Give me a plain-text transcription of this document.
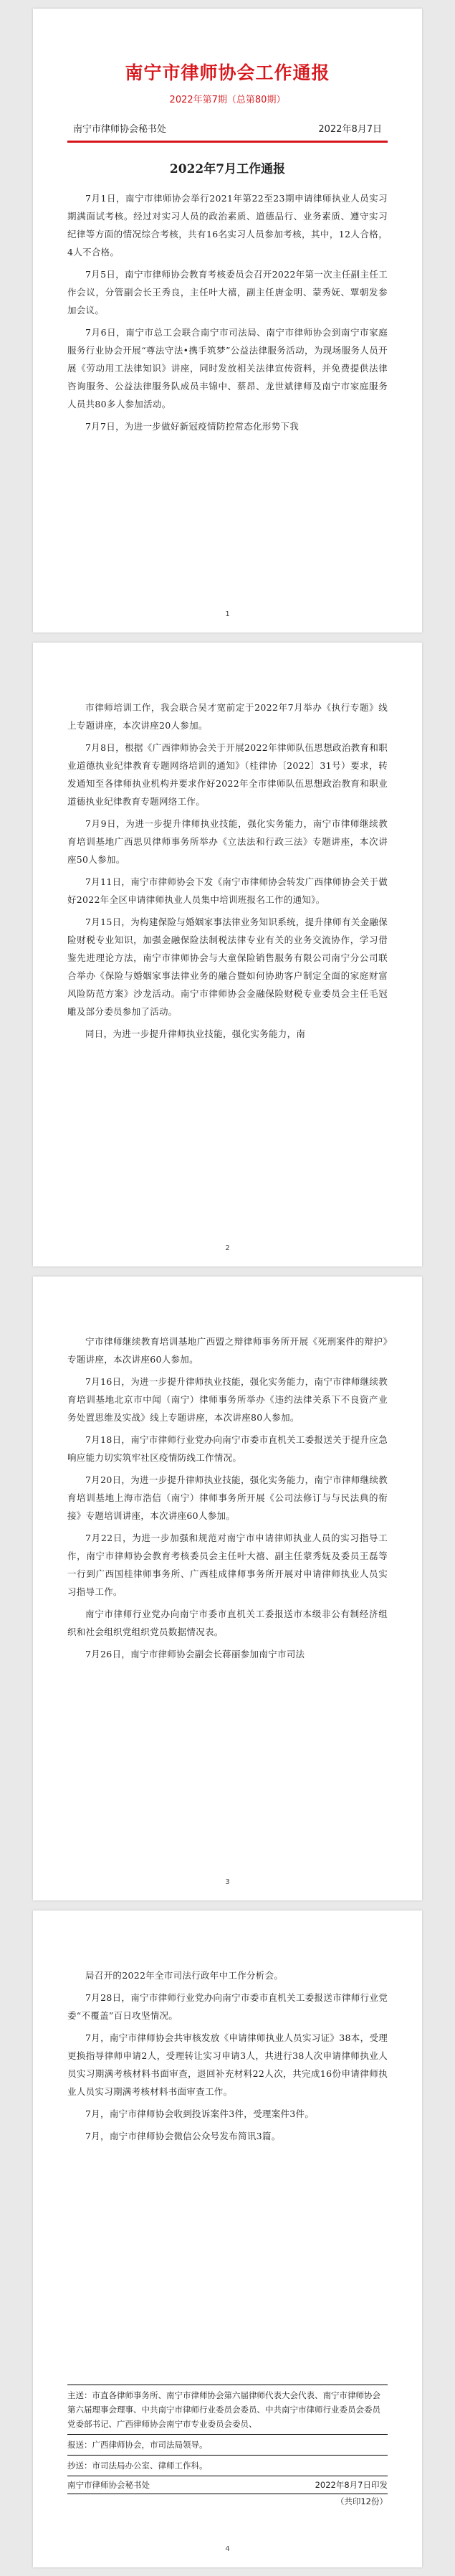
南宁市律师协会工作通报
2022年第7期（总第80期）
南宁市律师协会秘书处	2022年8月7日
2022年7月工作通报

7月1日，南宁市律师协会举行2021年第22至23期申请律师执业人员实习期满面试考核。经过对实习人员的政治素质、道德品行、业务素质、遵守实习纪律等方面的情况综合考核，共有16名实习人员参加考核，其中，12人合格，4人不合格。

7月5日，南宁市律师协会教育考核委员会召开2022年第一次主任副主任工作会议，分管副会长王秀良，主任叶大禧，副主任唐金明、蒙秀妩、覃朝发参加会议。

7月6日，南宁市总工会联合南宁市司法局、南宁市律师协会到南宁市家庭服务行业协会开展“尊法守法•携手筑梦”公益法律服务活动，为现场服务人员开展《劳动用工法律知识》讲座，同时发放相关法律宣传资料，并免费提供法律咨询服务、公益法律服务队成员丰锦中、蔡昂、龙世斌律师及南宁市家庭服务人员共80多人参加活动。

7月7日，为进一步做好新冠疫情防控常态化形势下我

1

市律师培训工作，我会联合吴才宽前定于2022年7月举办《执行专题》线上专题讲座，本次讲座20人参加。

7月8日，根据《广西律师协会关于开展2022年律师队伍思想政治教育和职业道德执业纪律教育专题网络培训的通知》（桂律协〔2022〕31号）要求，转发通知至各律师执业机构并要求作好2022年全市律师队伍思想政治教育和职业道德执业纪律教育专题网络工作。

7月9日，为进一步提升律师执业技能，强化实务能力，南宁市律师继续教育培训基地广西思贝律师事务所举办《立法法和行政三法》专题讲座，本次讲座50人参加。

7月11日，南宁市律师协会下发《南宁市律师协会转发广西律师协会关于做好2022年全区申请律师执业人员集中培训班报名工作的通知》。

7月15日，为构建保险与婚姻家事法律业务知识系统，提升律师有关金融保险财税专业知识，加强金融保险法制税法律专业有关的业务交流协作，学习借鉴先进理论方法，南宁市律师协会与大童保险销售服务有限公司南宁分公司联合举办《保险与婚姻家事法律业务的融合暨如何协助客户制定全面的家庭财富风险防范方案》沙龙活动。南宁市律师协会金融保险财税专业委员会主任毛冠雕及部分委员参加了活动。

同日，为进一步提升律师执业技能，强化实务能力，南

2

宁市律师继续教育培训基地广西盟之辩律师事务所开展《死刑案件的辩护》专题讲座，本次讲座60人参加。

7月16日，为进一步提升律师执业技能，强化实务能力，南宁市律师继续教育培训基地北京市中闻（南宁）律师事务所举办《违约法律关系下不良资产业务处置思维及实战》线上专题讲座，本次讲座80人参加。

7月18日，南宁市律师行业党办向南宁市委市直机关工委报送关于提升应急响应能力切实筑牢社区疫情防线工作情况。

7月20日，为进一步提升律师执业技能，强化实务能力，南宁市律师继续教育培训基地上海市浩信（南宁）律师事务所开展《公司法修订与与民法典的衔接》专题培训讲座，本次讲座60人参加。

7月22日，为进一步加强和规范对南宁市申请律师执业人员的实习指导工作，南宁市律师协会教育考核委员会主任叶大禧、副主任蒙秀妩及委员王磊等一行到广西国桂律师事务所、广西桂成律师事务所开展对申请律师执业人员实习指导工作。

南宁市律师行业党办向南宁市委市直机关工委报送市本级非公有制经济组织和社会组织党组织党员数据情况表。

7月26日，南宁市律师协会副会长蒋丽参加南宁市司法

3

局召开的2022年全市司法行政年中工作分析会。

7月28日，南宁市律师行业党办向南宁市委市直机关工委报送市律师行业党委“不覆盖”百日攻坚情况。

7月，南宁市律师协会共审核发放《申请律师执业人员实习证》38本，受理更换指导律师申请2人，受理转让实习申请3人，共进行38人次申请律师执业人员实习期满考核材料书面审查，退回补充材料22人次，共完成16份申请律师执业人员实习期满考核材料书面审查工作。

7月，南宁市律师协会收到投诉案件3件，受理案件3件。

7月，南宁市律师协会微信公众号发布简讯3篇。

主送：市直各律师事务所、南宁市律师协会第六届律师代表大会代表、南宁市律师协会第六届理事会理事、中共南宁市律师行业委员会委员、中共南宁市律师行业委员会委员党委部书记、广西律师协会南宁市专业委员会委员、
报送：广西律师协会，市司法局领导。
抄送：市司法局办公室、律师工作科。
南宁市律师协会秘书处	2022年8月7日印发
（共印12份）
4
